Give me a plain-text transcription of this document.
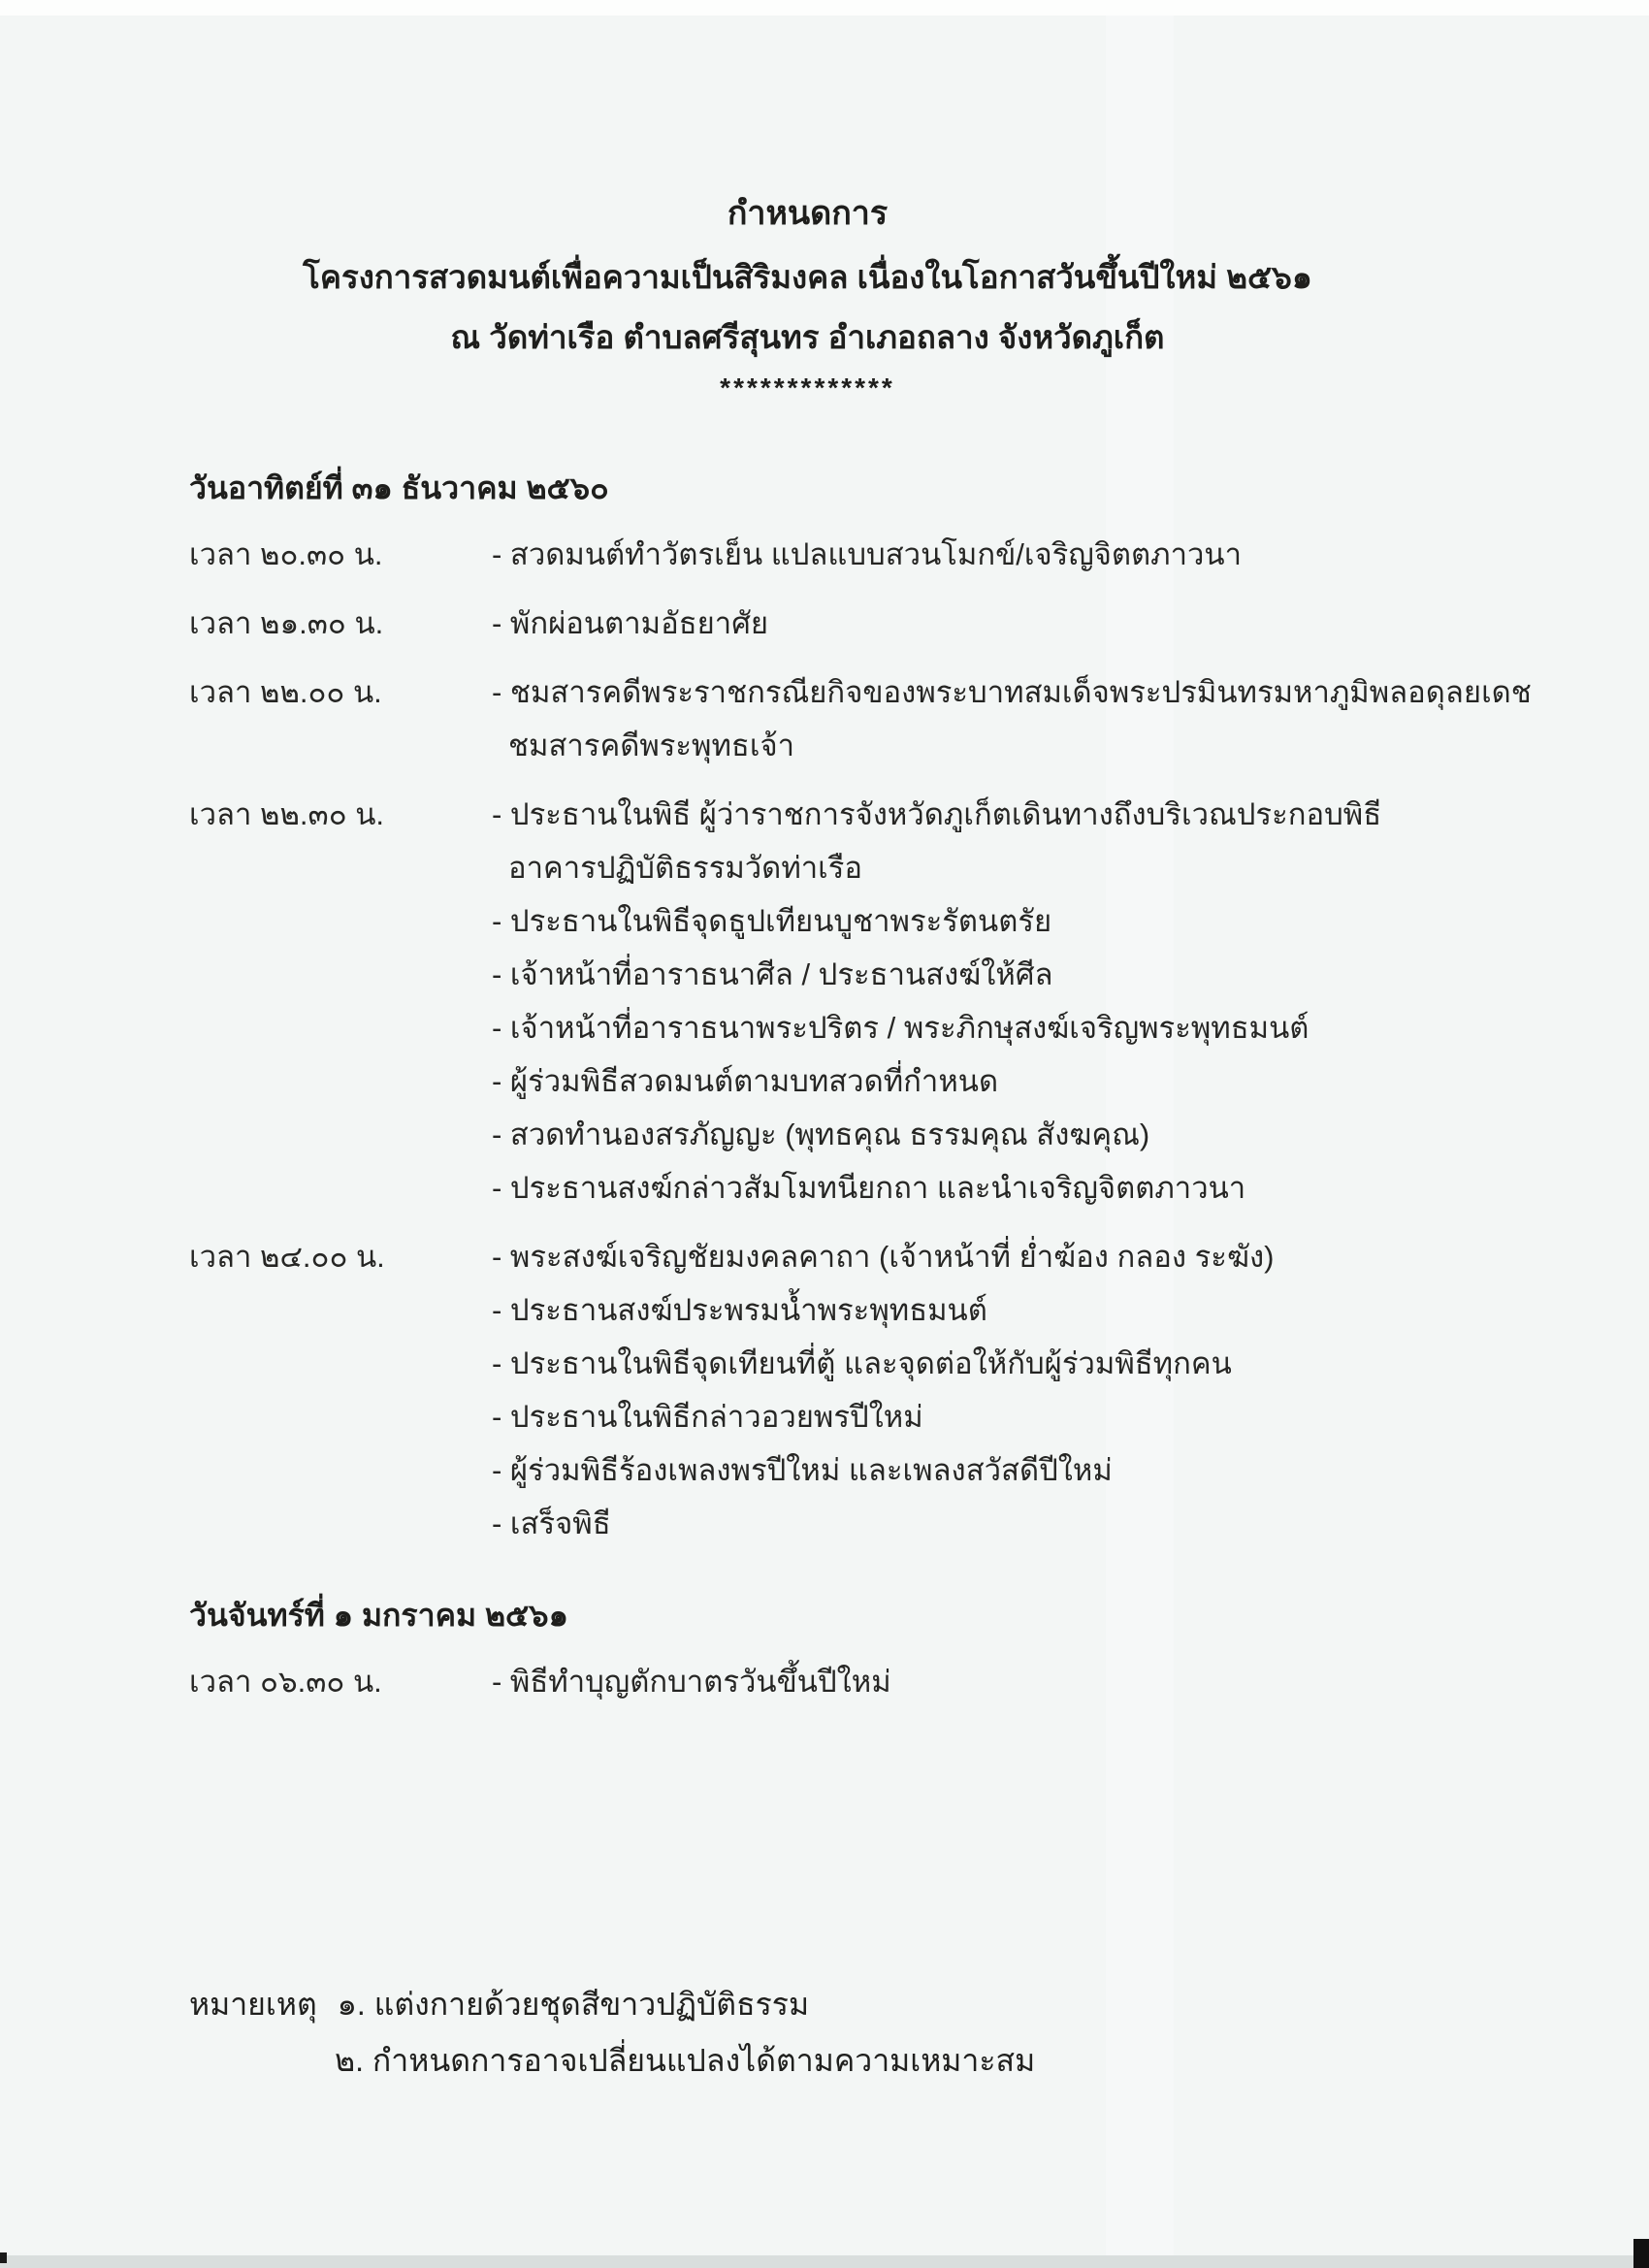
กำหนดการ
โครงการสวดมนต์เพื่อความเป็นสิริมงคล เนื่องในโอกาสวันขึ้นปีใหม่ ๒๕๖๑
ณ วัดท่าเรือ ตำบลศรีสุนทร อำเภอถลาง จังหวัดภูเก็ต
*************
วันอาทิตย์ที่ ๓๑ ธันวาคม ๒๕๖๐
เวลา ๒๐.๓๐ น.	- สวดมนต์ทำวัตรเย็น แปลแบบสวนโมกข์/เจริญจิตตภาวนา
เวลา ๒๑.๓๐ น.	- พักผ่อนตามอัธยาศัย
เวลา ๒๒.๐๐ น.	- ชมสารคดีพระราชกรณียกิจของพระบาทสมเด็จพระปรมินทรมหาภูมิพลอดุลยเดช
ชมสารคดีพระพุทธเจ้า
เวลา ๒๒.๓๐ น.	- ประธานในพิธี ผู้ว่าราชการจังหวัดภูเก็ตเดินทางถึงบริเวณประกอบพิธี
อาคารปฏิบัติธรรมวัดท่าเรือ
- ประธานในพิธีจุดธูปเทียนบูชาพระรัตนตรัย
- เจ้าหน้าที่อาราธนาศีล / ประธานสงฆ์ให้ศีล
- เจ้าหน้าที่อาราธนาพระปริตร / พระภิกษุสงฆ์เจริญพระพุทธมนต์
- ผู้ร่วมพิธีสวดมนต์ตามบทสวดที่กำหนด
- สวดทำนองสรภัญญะ (พุทธคุณ ธรรมคุณ สังฆคุณ)
- ประธานสงฆ์กล่าวสัมโมทนียกถา และนำเจริญจิตตภาวนา
เวลา ๒๔.๐๐ น.	- พระสงฆ์เจริญชัยมงคลคาถา (เจ้าหน้าที่ ย่ำฆ้อง กลอง ระฆัง)
- ประธานสงฆ์ประพรมน้ำพระพุทธมนต์
- ประธานในพิธีจุดเทียนที่ตู้ และจุดต่อให้กับผู้ร่วมพิธีทุกคน
- ประธานในพิธีกล่าวอวยพรปีใหม่
- ผู้ร่วมพิธีร้องเพลงพรปีใหม่ และเพลงสวัสดีปีใหม่
- เสร็จพิธี
วันจันทร์ที่ ๑ มกราคม ๒๕๖๑
เวลา ๐๖.๓๐ น.	- พิธีทำบุญตักบาตรวันขึ้นปีใหม่
หมายเหตุ ๑. แต่งกายด้วยชุดสีขาวปฏิบัติธรรม
๒. กำหนดการอาจเปลี่ยนแปลงได้ตามความเหมาะสม
